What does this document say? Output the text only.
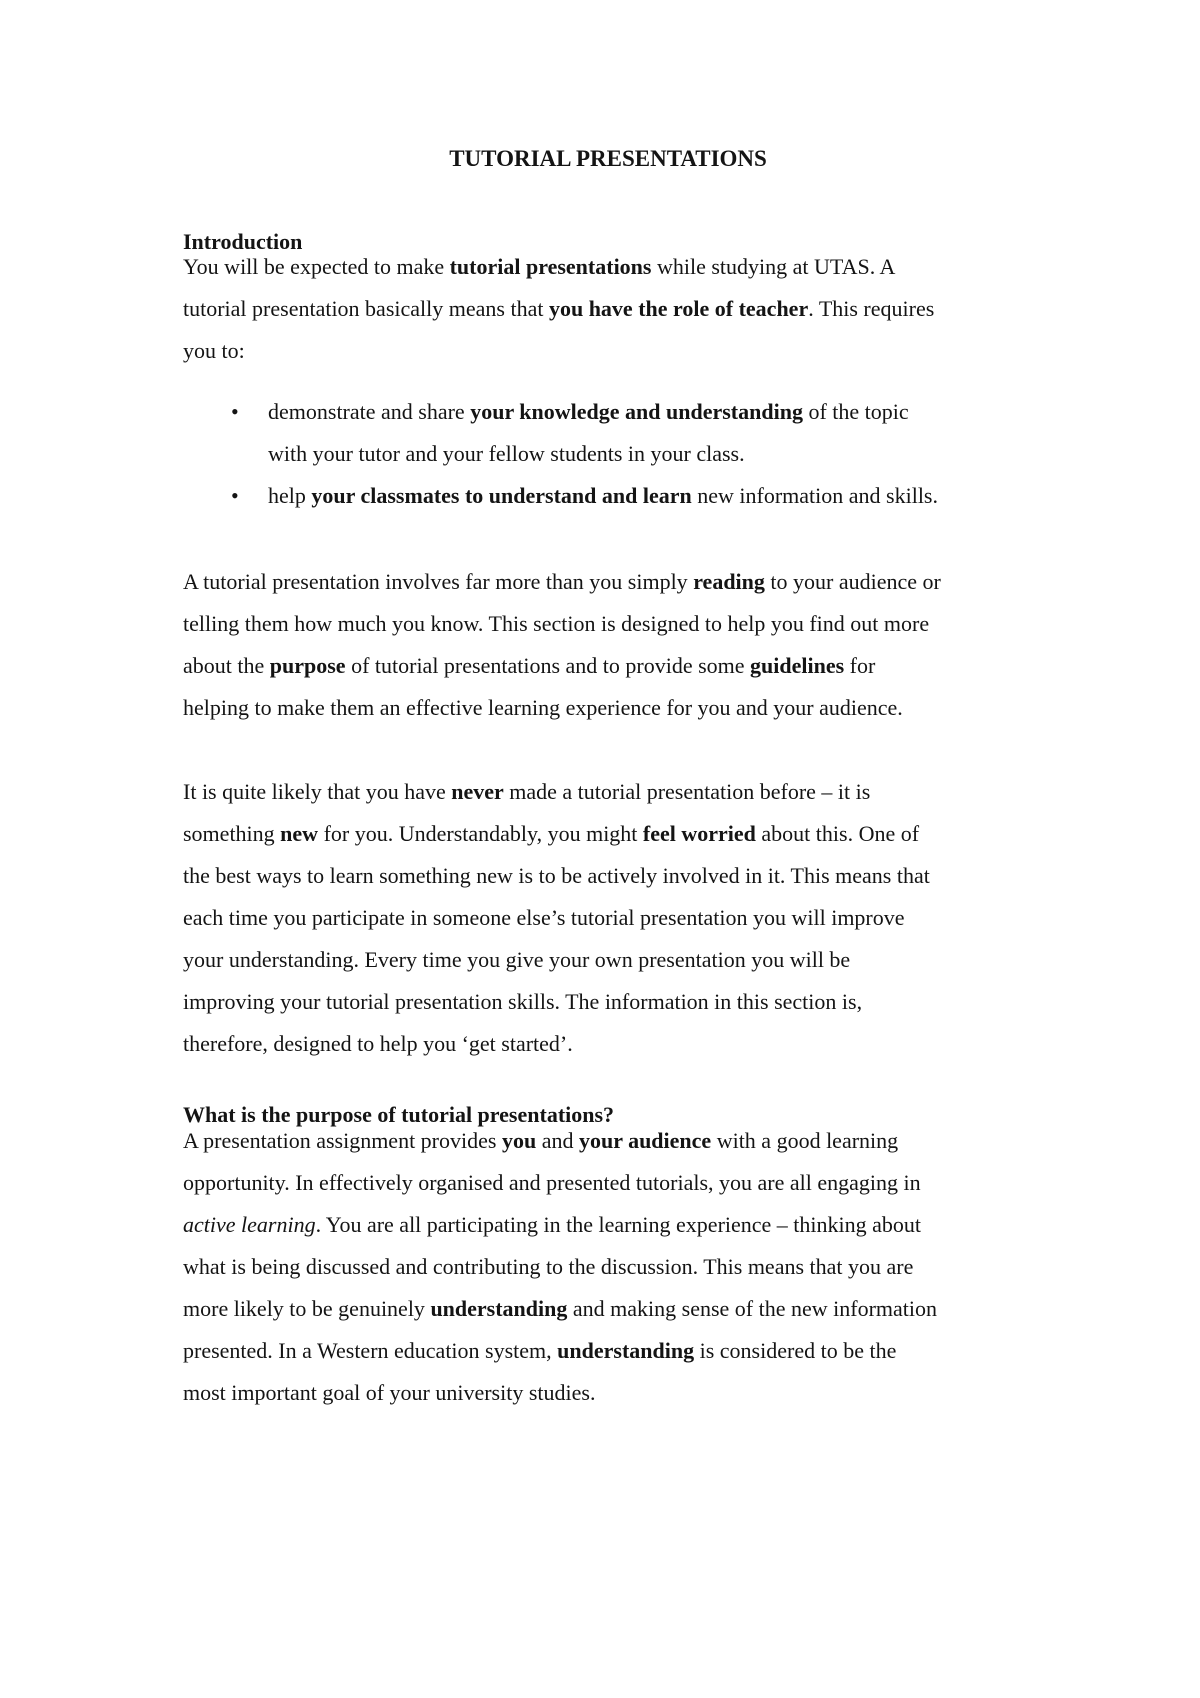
TUTORIAL PRESENTATIONS
Introduction

You will be expected to make tutorial presentations while studying at UTAS. A
tutorial presentation basically means that you have the role of teacher. This requires
you to:

• demonstrate and share your knowledge and understanding of the topic
with your tutor and your fellow students in your class.
• help your classmates to understand and learn new information and skills.

A tutorial presentation involves far more than you simply reading to your audience or
telling them how much you know. This section is designed to help you find out more
about the purpose of tutorial presentations and to provide some guidelines for
helping to make them an effective learning experience for you and your audience.

It is quite likely that you have never made a tutorial presentation before – it is
something new for you. Understandably, you might feel worried about this. One of
the best ways to learn something new is to be actively involved in it. This means that
each time you participate in someone else’s tutorial presentation you will improve
your understanding. Every time you give your own presentation you will be
improving your tutorial presentation skills. The information in this section is,
therefore, designed to help you ‘get started’.

What is the purpose of tutorial presentations?

A presentation assignment provides you and your audience with a good learning
opportunity. In effectively organised and presented tutorials, you are all engaging in
active learning. You are all participating in the learning experience – thinking about
what is being discussed and contributing to the discussion. This means that you are
more likely to be genuinely understanding and making sense of the new information
presented. In a Western education system, understanding is considered to be the
most important goal of your university studies.
